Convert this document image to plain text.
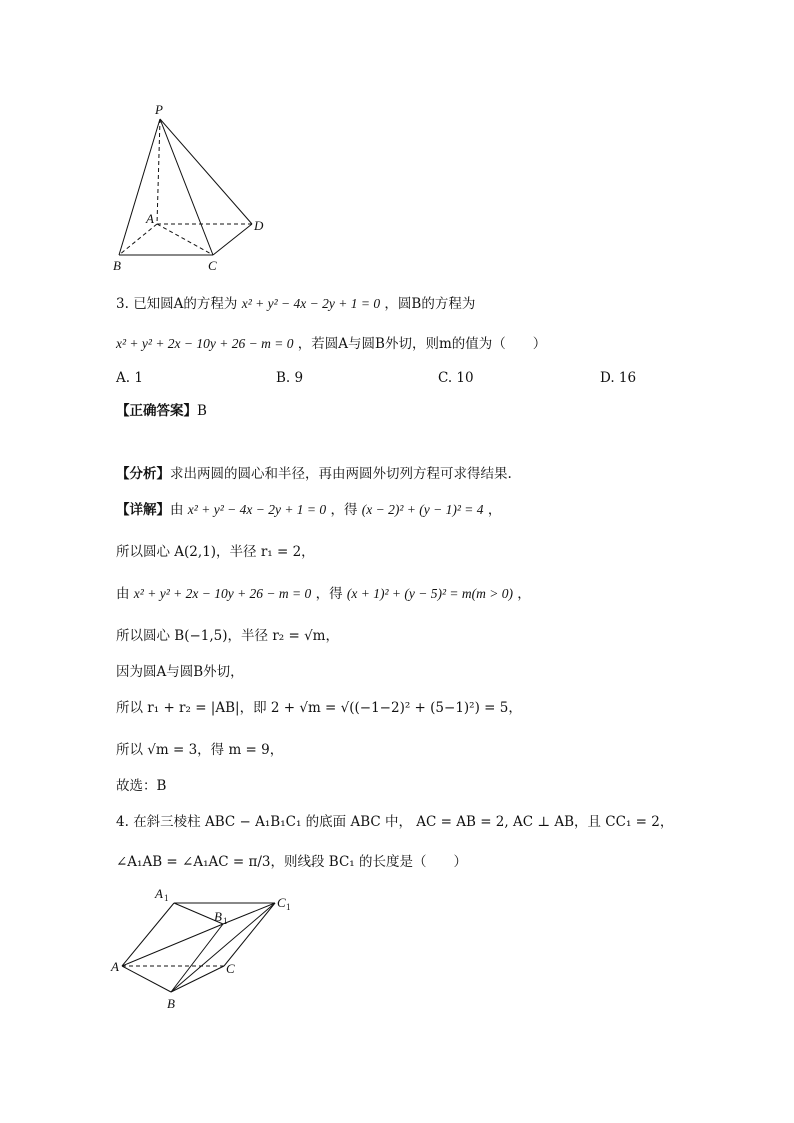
P
A
B	C
D
A 1
B 1
C 1
A	C
B
3. 已知圆A的方程为 x² + y² − 4x − 2y + 1 = 0 ，圆B的方程为
x² + y² + 2x − 10y + 26 − m = 0 ，若圆A与圆B外切，则m的值为（　　）
A. 1	B. 9	C. 10	D. 16
【正确答案】B
【分析】求出两圆的圆心和半径，再由两圆外切列方程可求得结果.
【详解】由 x² + y² − 4x − 2y + 1 = 0 ，得 (x − 2)² + (y − 1)² = 4 ，
所以圆心 A(2,1)，半径 r₁ = 2，
由 x² + y² + 2x − 10y + 26 − m = 0 ，得 (x + 1)² + (y − 5)² = m(m > 0) ，
所以圆心 B(−1,5)，半径 r₂ = √m，
因为圆A与圆B外切，
所以 r₁ + r₂ = |AB|，即 2 + √m = √((−1−2)² + (5−1)²) = 5，
所以 √m = 3，得 m = 9，
故选：B
4. 在斜三棱柱 ABC − A₁B₁C₁ 的底面 ABC 中， AC = AB = 2, AC ⊥ AB，且 CC₁ = 2，
∠A₁AB = ∠A₁AC = π/3，则线段 BC₁ 的长度是（　　）
